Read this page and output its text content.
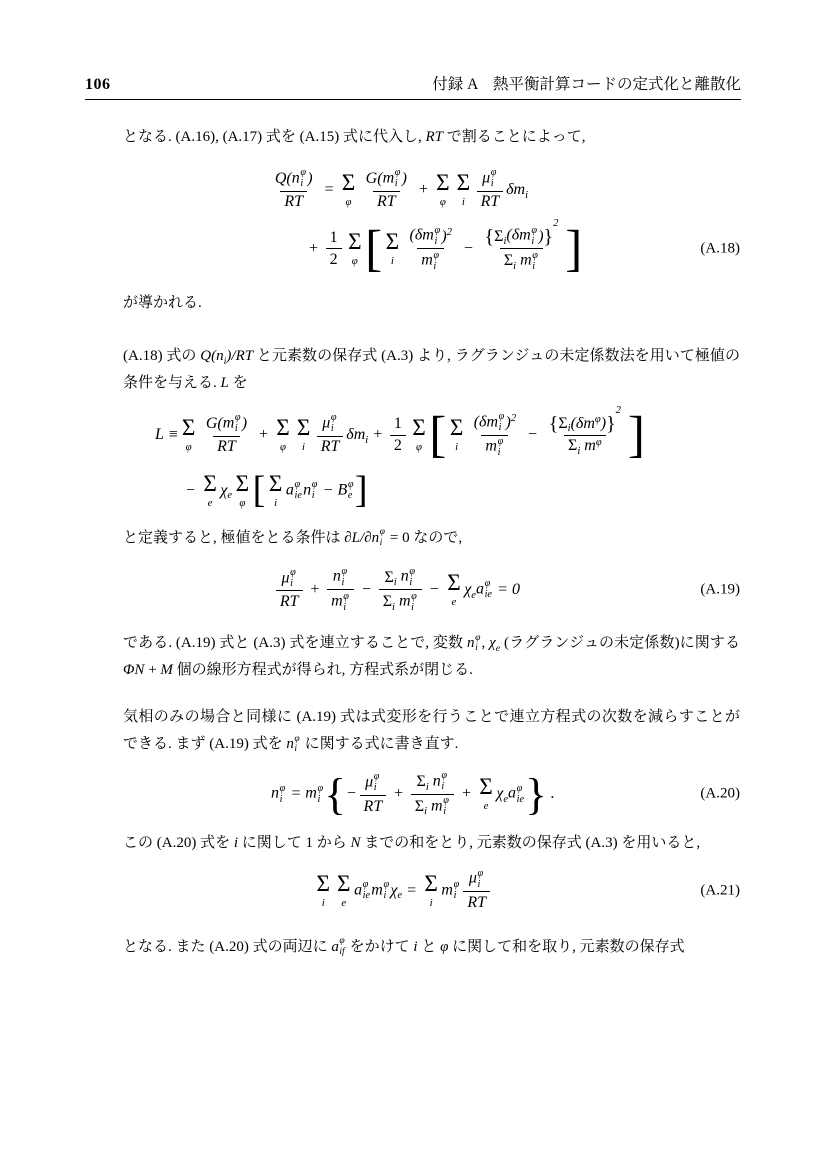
106	付録 A　熱平衡計算コードの定式化と離散化

となる. (A.16), (A.17) 式を (A.15) 式に代入し, RT で割ることによって,

Q( n φ
i )
RT = Σ
φ G( m φ
i )
RT + Σ
φ
Σ
i μ φ
i
RT $\delta m_i$
+ $\frac{1}{2}$ Σ
φ [ Σ
i (δm φ
i )$^2$
m φ
i − { $\Sigma_i$ (δm φ
i ) }
2
$\Sigma_i$ m φ
i ]	(A.18)

が導かれる.

(A.18) 式の $Q(n_i)/RT$ と元素数の保存式 (A.3) より, ラグランジュの未定係数法を用いて極値の条件を与える. L を

L ≡ Σ
φ G( m φ
i )
RT + Σ
φ
Σ
i μ φ
i
RT $\delta m_i + \frac{1}{2}$ Σ
φ [ Σ
i (δm φ
i )$^2$
m φ
i − { $\Sigma_i$ ($\delta m^\varphi$ ) }
2
$\Sigma_i$ $m^\varphi$ ]
− Σ
e
$\chi_e$ Σ
φ [ Σ
i
a φ
ie n φ
i − B φ
e ]

と定義すると, 極値をとる条件は ∂L/∂n φ
i = 0 なので,

μ φ
i
RT + n φ
i
m φ
$i - \Sigma_i$ n φ
i
$\Sigma_i$ m φ
i − Σ
e
$\chi_e$ a φ
ie = 0	(A.19)

である. (A.19) 式と (A.3) 式を連立することで, 変数 n φ
i , $\chi_e$ (ラグランジュの未定係数)に関する ΦN + M 個の線形方程式が得られ, 方程式系が閉じる.

気相のみの場合と同様に (A.19) 式は式変形を行うことで連立方程式の次数を減らすことができる. まず (A.19) 式を n φ
i に関する式に書き直す.

n φ
i = m φ
i { − μ φ
i
RT + $\Sigma_i$ n φ
i
$\Sigma_i$ m φ
i + Σ
e
$\chi_e$ a φ
ie } .	(A.20)

この (A.20) 式を i に関して 1 から N までの和をとり, 元素数の保存式 (A.3) を用いると,

Σ
i
Σ
e
a φ
ie m φ
i $\chi_e = \Sigma$
i
m φ
i μ φ
i
RT	(A.21)

となる. また (A.20) 式の両辺に a φ
if をかけて i と φ に関して和を取り, 元素数の保存式
